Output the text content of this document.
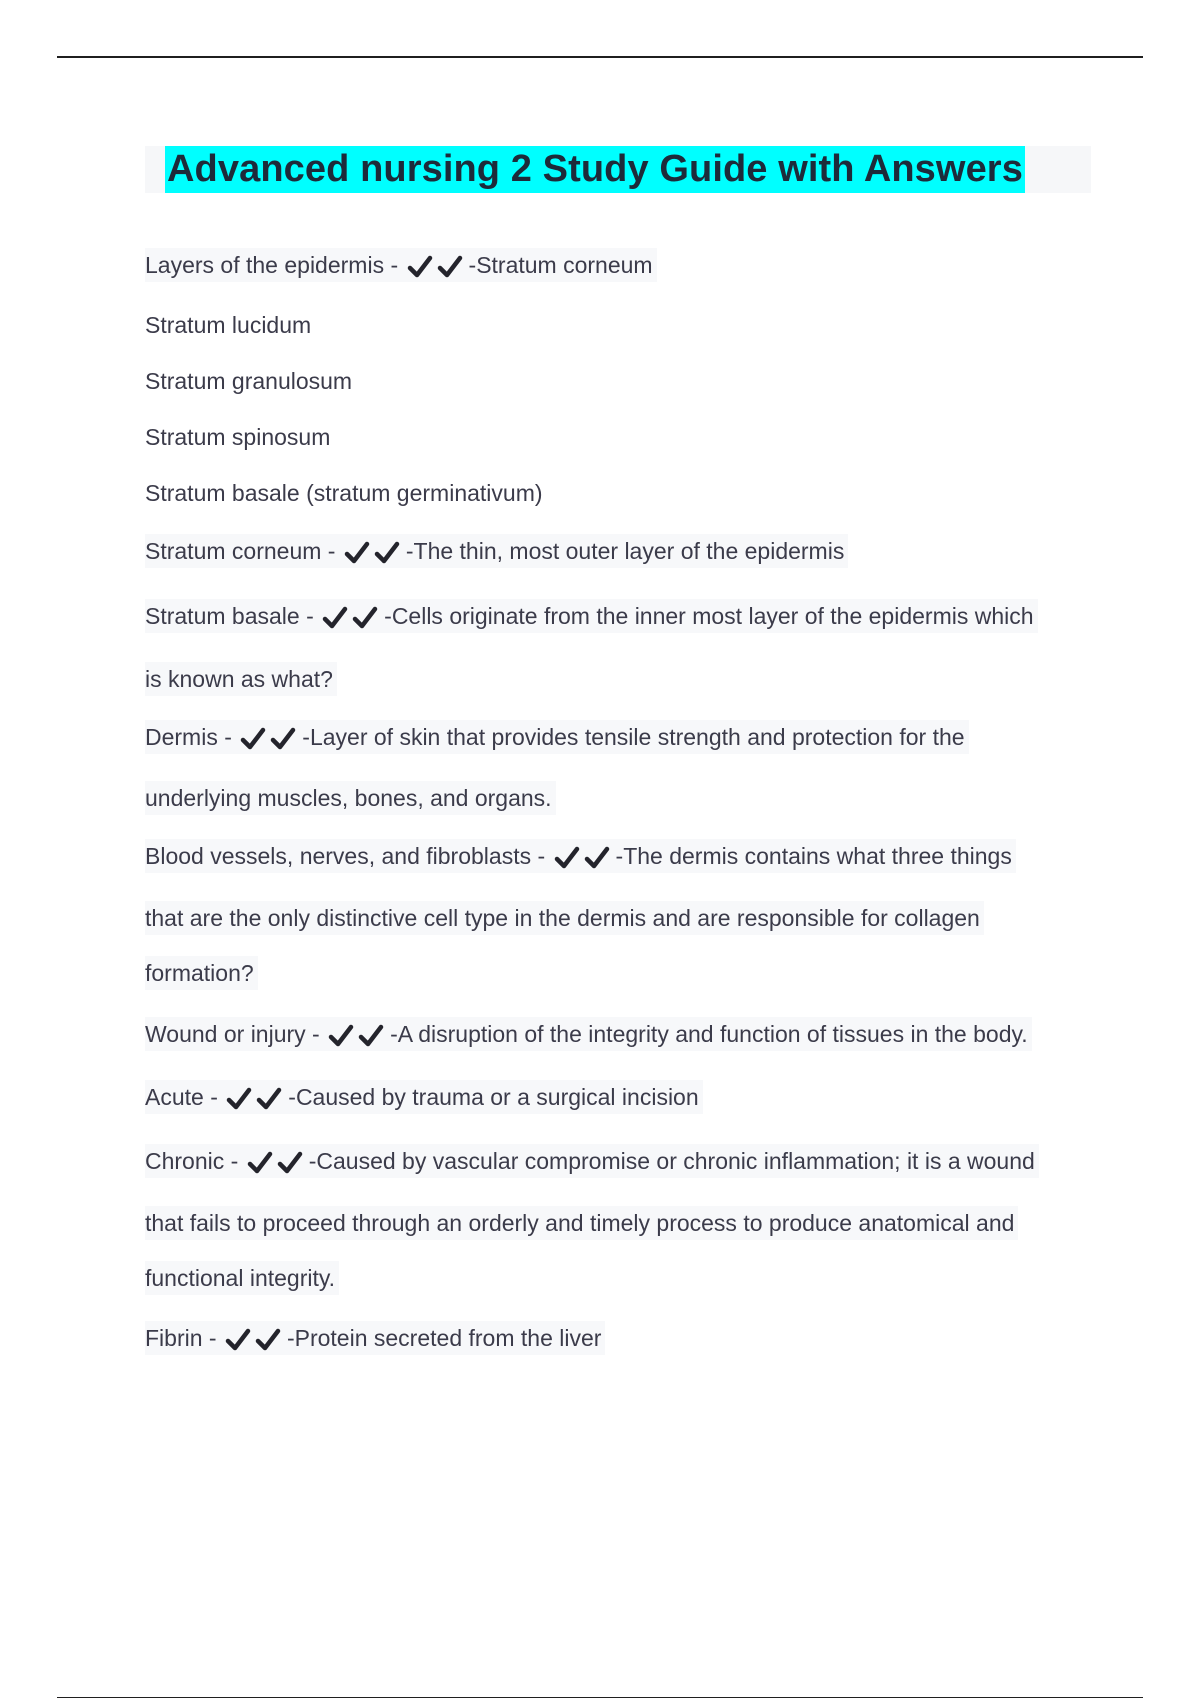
Advanced nursing 2 Study Guide with Answers
Layers of the epidermis -	-Stratum corneum
Stratum lucidum
Stratum granulosum
Stratum spinosum
Stratum basale (stratum germinativum)
Stratum corneum -	-The thin, most outer layer of the epidermis
Stratum basale -	-Cells originate from the inner most layer of the epidermis which
is known as what?
Dermis -	-Layer of skin that provides tensile strength and protection for the
underlying muscles, bones, and organs.
Blood vessels, nerves, and fibroblasts -	-The dermis contains what three things
that are the only distinctive cell type in the dermis and are responsible for collagen
formation?
Wound or injury -	-A disruption of the integrity and function of tissues in the body.
Acute -	-Caused by trauma or a surgical incision
Chronic -	-Caused by vascular compromise or chronic inflammation; it is a wound
that fails to proceed through an orderly and timely process to produce anatomical and
functional integrity.
Fibrin -	-Protein secreted from the liver
